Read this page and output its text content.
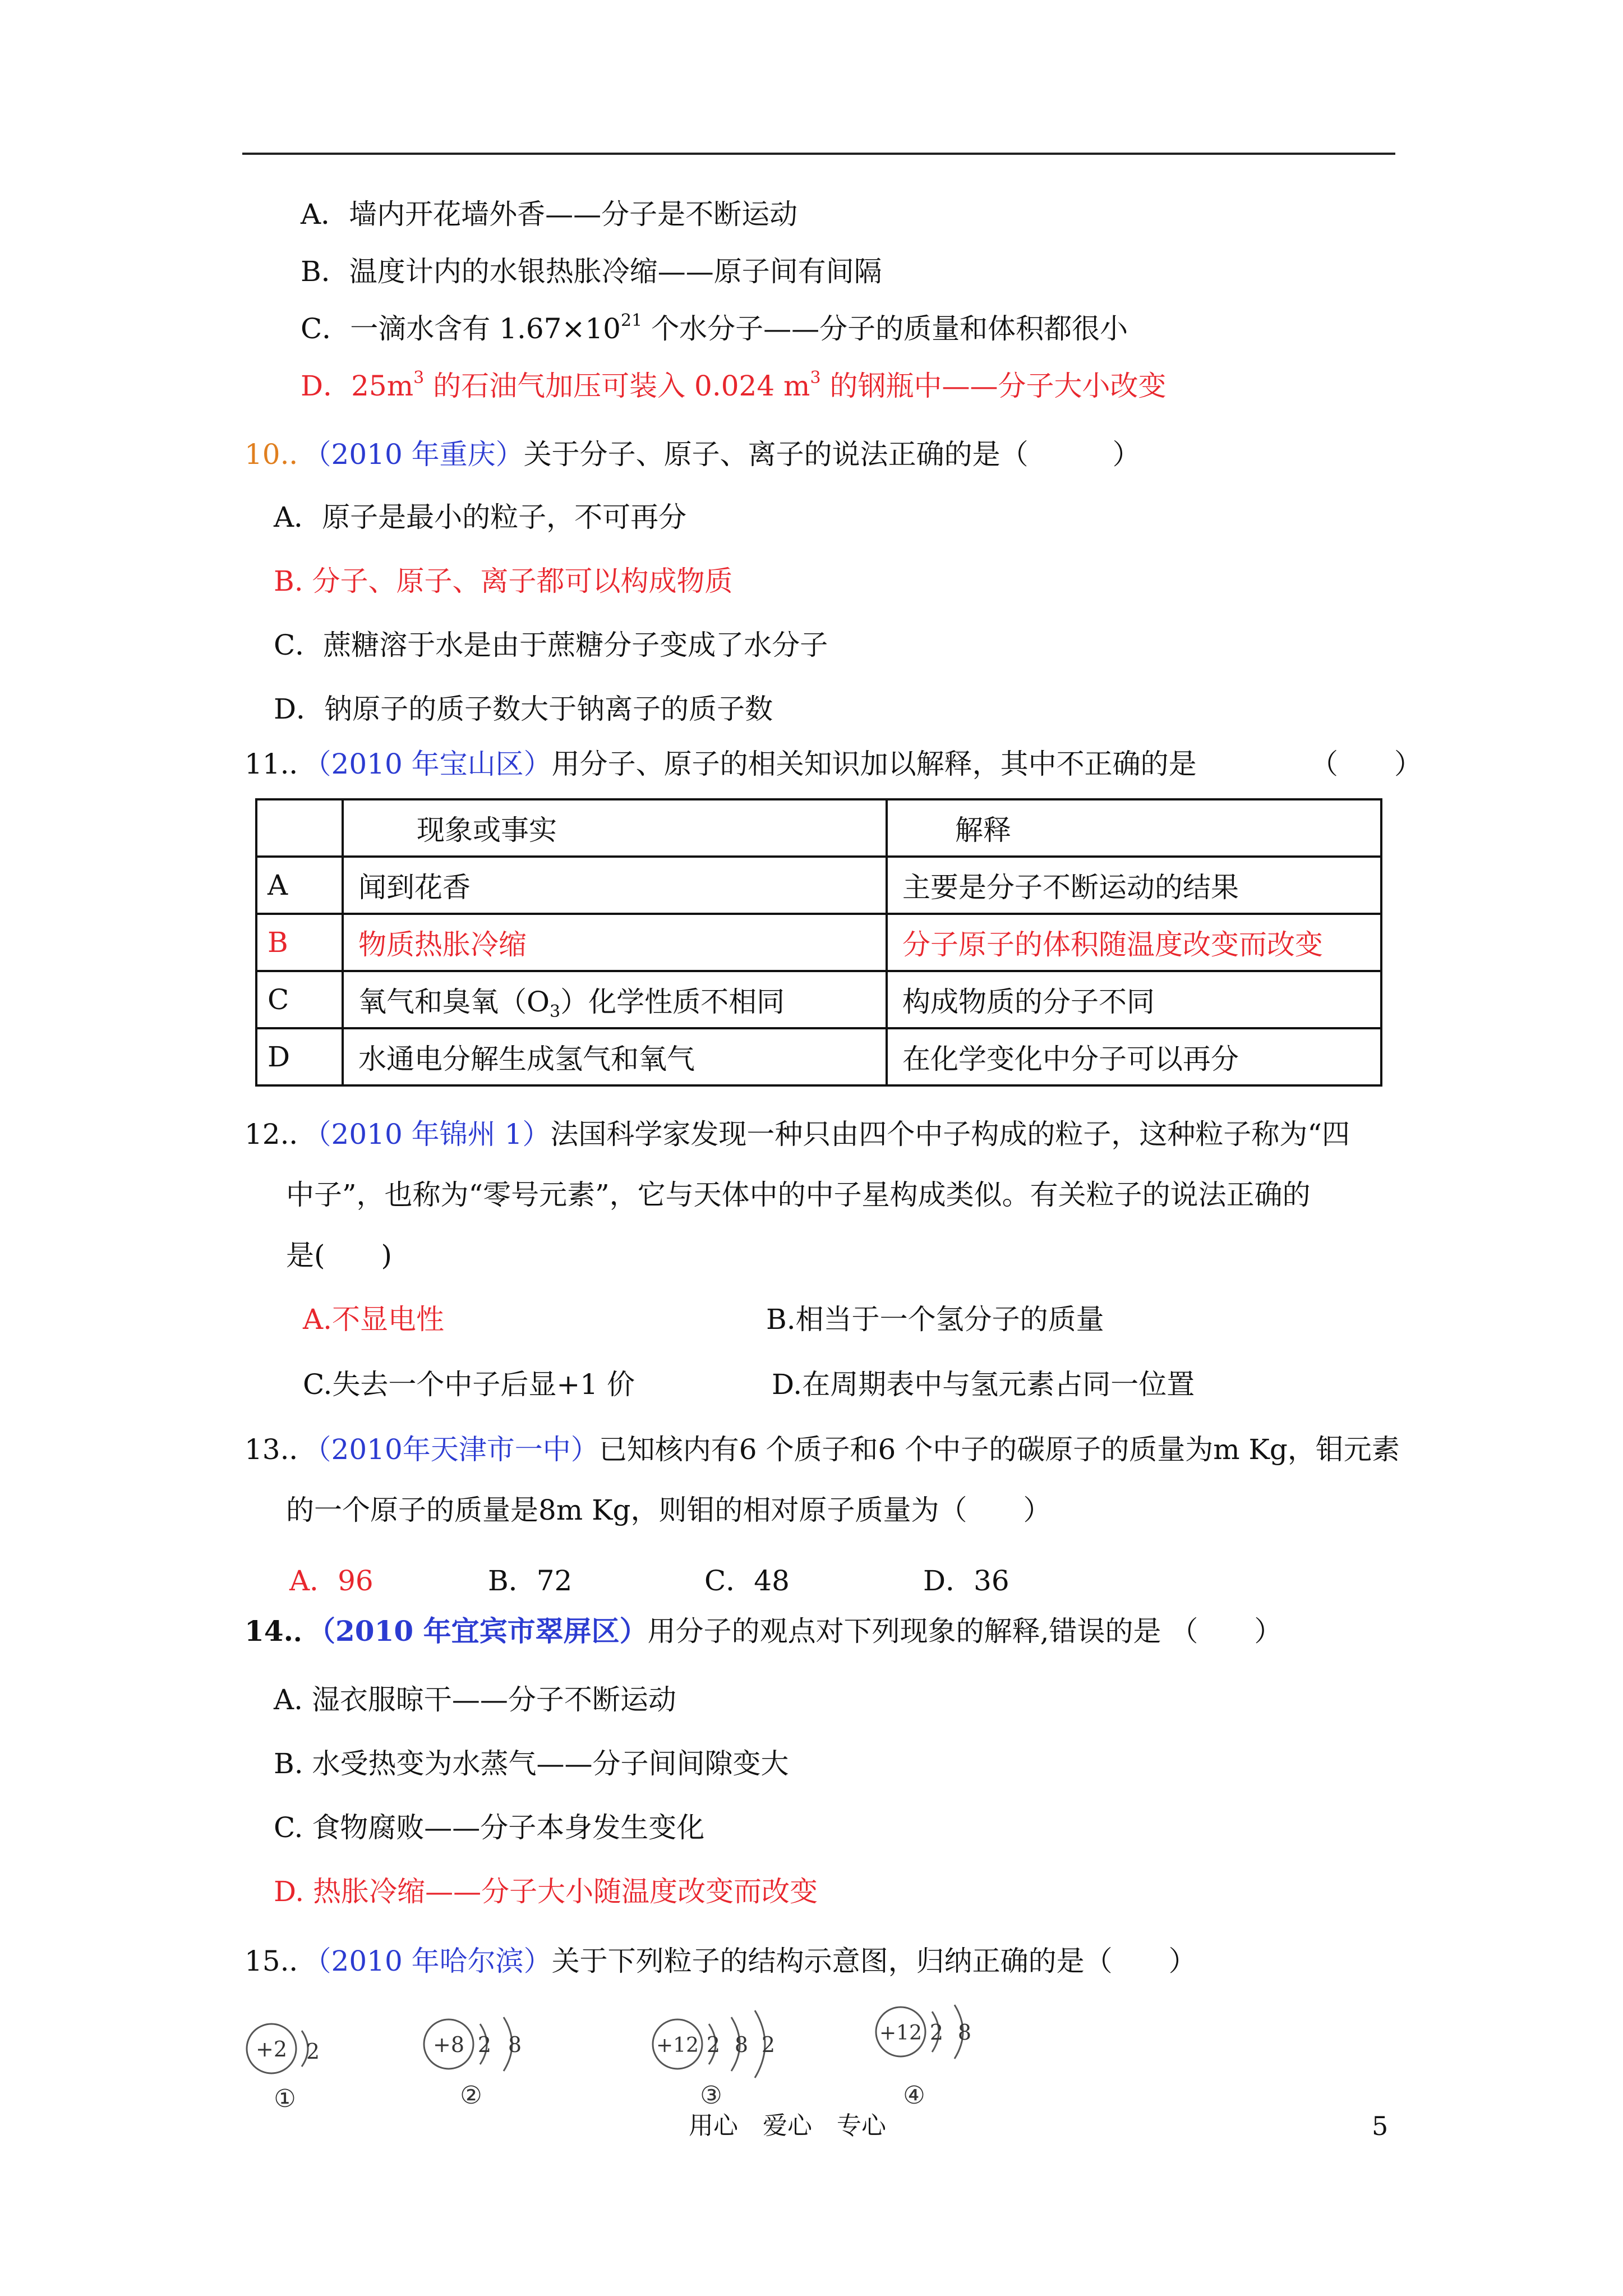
A．墙内开花墙外香——分子是不断运动
B．温度计内的水银热胀冷缩——原子间有间隔
C．一滴水含有 $1.67\times 10^{21}$ 个水分子——分子的质量和体积都很小
D．$25m^3$ 的石油气加压可装入 0.024 $m^3$ 的钢瓶中——分子大小改变
10.．（2010 年重庆）关于分子、原子、离子的说法正确的是（　　　）
A．原子是最小的粒子，不可再分
B. 分子、原子、离子都可以构成物质
C．蔗糖溶于水是由于蔗糖分子变成了水分子
D．钠原子的质子数大于钠离子的质子数
11.．（2010 年宝山区）用分子、原子的相关知识加以解释，其中不正确的是	（　　）
	现象或事实	解释
A	闻到花香	主要是分子不断运动的结果
B	物质热胀冷缩	分子原子的体积随温度改变而改变
C	氧气和臭氧$(O_3)$化学性质不相同	构成物质的分子不同
D	水通电分解生成氢气和氧气	在化学变化中分子可以再分
12.．（2010 年锦州 1）法国科学家发现一种只由四个中子构成的粒子，这种粒子称为“四
中子”，也称为“零号元素”，它与天体中的中子星构成类似。有关粒子的说法正确的
是(　　)
A.不显电性	B.相当于一个氢分子的质量
C.失去一个中子后显+1 价	D.在周期表中与氢元素占同一位置
13.．（2010年天津市一中）已知核内有6 个质子和6 个中子的碳原子的质量为m Kg，钼元素
的一个原子的质量是8m Kg，则钼的相对原子质量为（　　）
A．96	B．72	C．48	D．36
14.．（2010 年宜宾市翠屏区）用分子的观点对下列现象的解释,错误的是 （　　）
A. 湿衣服晾干——分子不断运动
B. 水受热变为水蒸气——分子间间隙变大
C. 食物腐败——分子本身发生变化
D. 热胀冷缩——分子大小随温度改变而改变
15.．（2010 年哈尔滨）关于下列粒子的结构示意图，归纳正确的是（　　）
+2 2
①
+8 2 8
②
+12 2 8 2
③
+12 2 8
④
用心　爱心　专心	5
